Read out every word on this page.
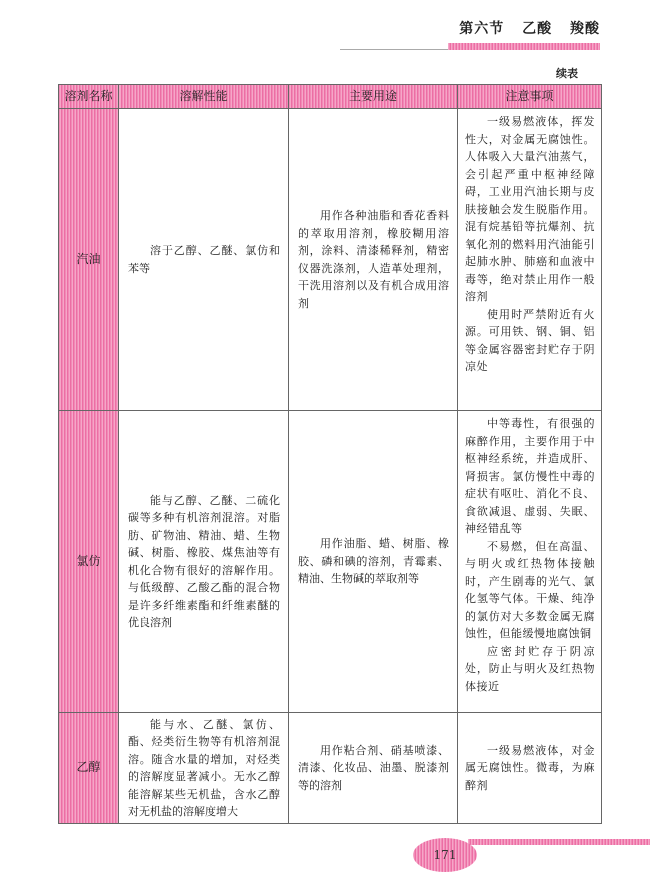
第六节 乙酸 羧酸
续表
溶剂名称	溶解性能	主要用途	注意事项
汽油	溶于乙醇、乙醚、氯仿和苯等	用作各种油脂和香花香料的萃取用溶剂，橡胶糊用溶剂，涂料、清漆稀释剂，精密仪器洗涤剂，人造革处理剂，干洗用溶剂以及有机合成用溶剂	一级易燃液体，挥发性大，对金属无腐蚀性。人体吸入大量汽油蒸气，会引起严重中枢神经障碍，工业用汽油长期与皮肤接触会发生脱脂作用。混有烷基铅等抗爆剂、抗氧化剂的燃料用汽油能引起肺水肿、肺癌和血液中毒等，绝对禁止用作一般溶剂

使用时严禁附近有火源。可用铁、钢、铜、铝等金属容器密封贮存于阴凉处

氯仿	能与乙醇、乙醚、二硫化碳等多种有机溶剂混溶。对脂肪、矿物油、精油、蜡、生物碱、树脂、橡胶、煤焦油等有机化合物有很好的溶解作用。与低级醇、乙酸乙酯的混合物是许多纤维素酯和纤维素醚的优良溶剂	用作油脂、蜡、树脂、橡胶、磷和碘的溶剂，青霉素、精油、生物碱的萃取剂等	中等毒性，有很强的麻醉作用，主要作用于中枢神经系统，并造成肝、肾损害。氯仿慢性中毒的症状有呕吐、消化不良、食欲减退、虚弱、失眠、神经错乱等

不易燃，但在高温、与明火或红热物体接触时，产生剧毒的光气、氯化氢等气体。干燥、纯净的氯仿对大多数金属无腐蚀性，但能缓慢地腐蚀铜

应密封贮存于阴凉处，防止与明火及红热物体接近

乙醇	能与水、乙醚、氯仿、酯、烃类衍生物等有机溶剂混溶。随含水量的增加，对烃类的溶解度显著减小。无水乙醇能溶解某些无机盐，含水乙醇对无机盐的溶解度增大	用作粘合剂、硝基喷漆、清漆、化妆品、油墨、脱漆剂等的溶剂	一级易燃液体，对金属无腐蚀性。微毒，为麻醉剂

171
